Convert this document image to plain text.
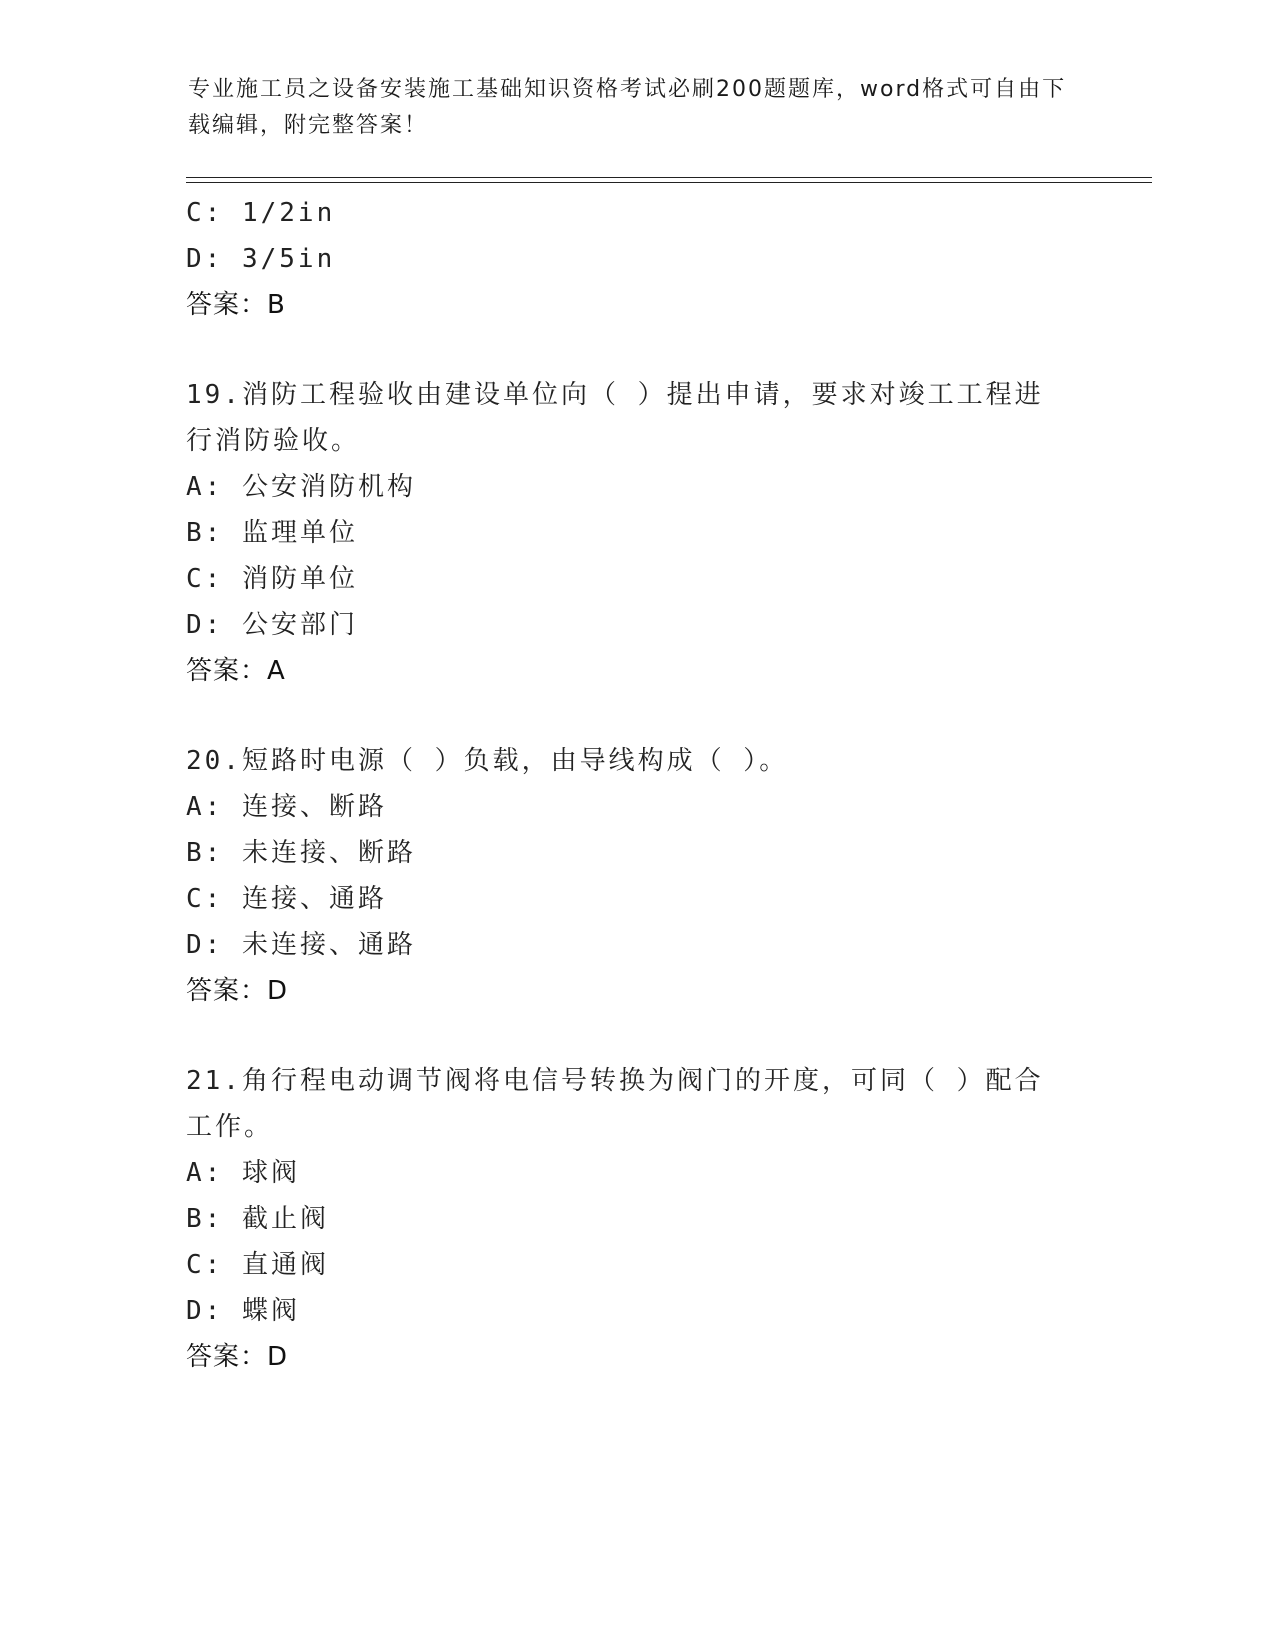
专业施工员之设备安装施工基础知识资格考试必刷200题题库，word格式可自由下载编辑，附完整答案！
C: 1/2in
D: 3/5in
答案：B
19.消防工程验收由建设单位向（ ）提出申请，要求对竣工工程进行消防验收。
A: 公安消防机构
B: 监理单位
C: 消防单位
D: 公安部门
答案：A
20.短路时电源（ ）负载，由导线构成（ ）。
A: 连接、断路
B: 未连接、断路
C: 连接、通路
D: 未连接、通路
答案：D
21.角行程电动调节阀将电信号转换为阀门的开度，可同（ ）配合工作。
A: 球阀
B: 截止阀
C: 直通阀
D: 蝶阀
答案：D
